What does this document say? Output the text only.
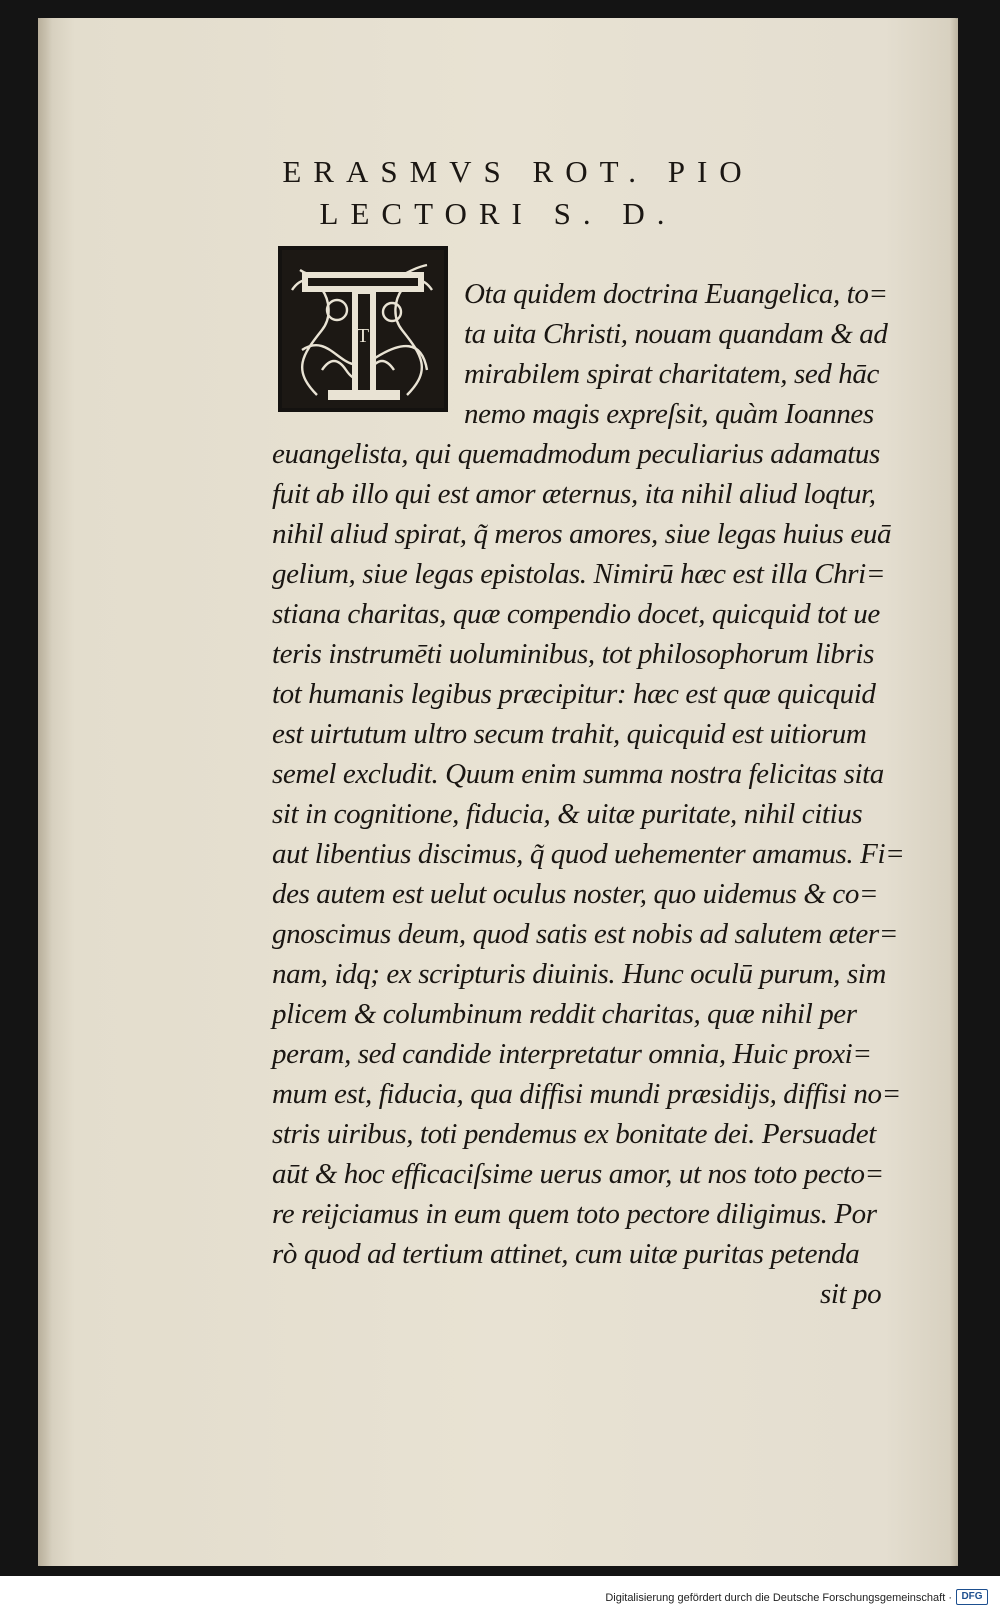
ERASMVS ROT. PIO
LECTORI S. D.
Ota quidem doctrina Euangelica, to=
ta uita Christi, nouam quandam & ad
mirabilem spirat charitatem, sed hāc
nemo magis expreſsit, quàm Ioannes
euangelista, qui quemadmodum peculiarius adamatus
fuit ab illo qui est amor æternus, ita nihil aliud loqtur,
nihil aliud spirat, q̃ meros amores, siue legas huius euā
gelium, siue legas epistolas. Nimirū hæc est illa Chri=
stiana charitas, quæ compendio docet, quicquid tot ue
teris instrumēti uoluminibus, tot philosophorum libris
tot humanis legibus præcipitur: hæc est quæ quicquid
est uirtutum ultro secum trahit, quicquid est uitiorum
semel excludit. Quum enim summa nostra felicitas sita
sit in cognitione, fiducia, & uitæ puritate, nihil citius
aut libentius discimus, q̃ quod uehementer amamus. Fi=
des autem est uelut oculus noster, quo uidemus & co=
gnoscimus deum, quod satis est nobis ad salutem æter=
nam, idq; ex scripturis diuinis. Hunc oculū purum, sim
plicem & columbinum reddit charitas, quæ nihil per
peram, sed candide interpretatur omnia, Huic proxi=
mum est, fiducia, qua diffisi mundi præsidijs, diffisi no=
stris uiribus, toti pendemus ex bonitate dei. Persuadet
aūt & hoc efficaciſsime uerus amor, ut nos toto pecto=
re reijciamus in eum quem toto pectore diligimus. Por
rò quod ad tertium attinet, cum uitæ puritas petenda
sit po
T
Digitalisierung gefördert durch die Deutsche Forschungsgemeinschaft · DFG
